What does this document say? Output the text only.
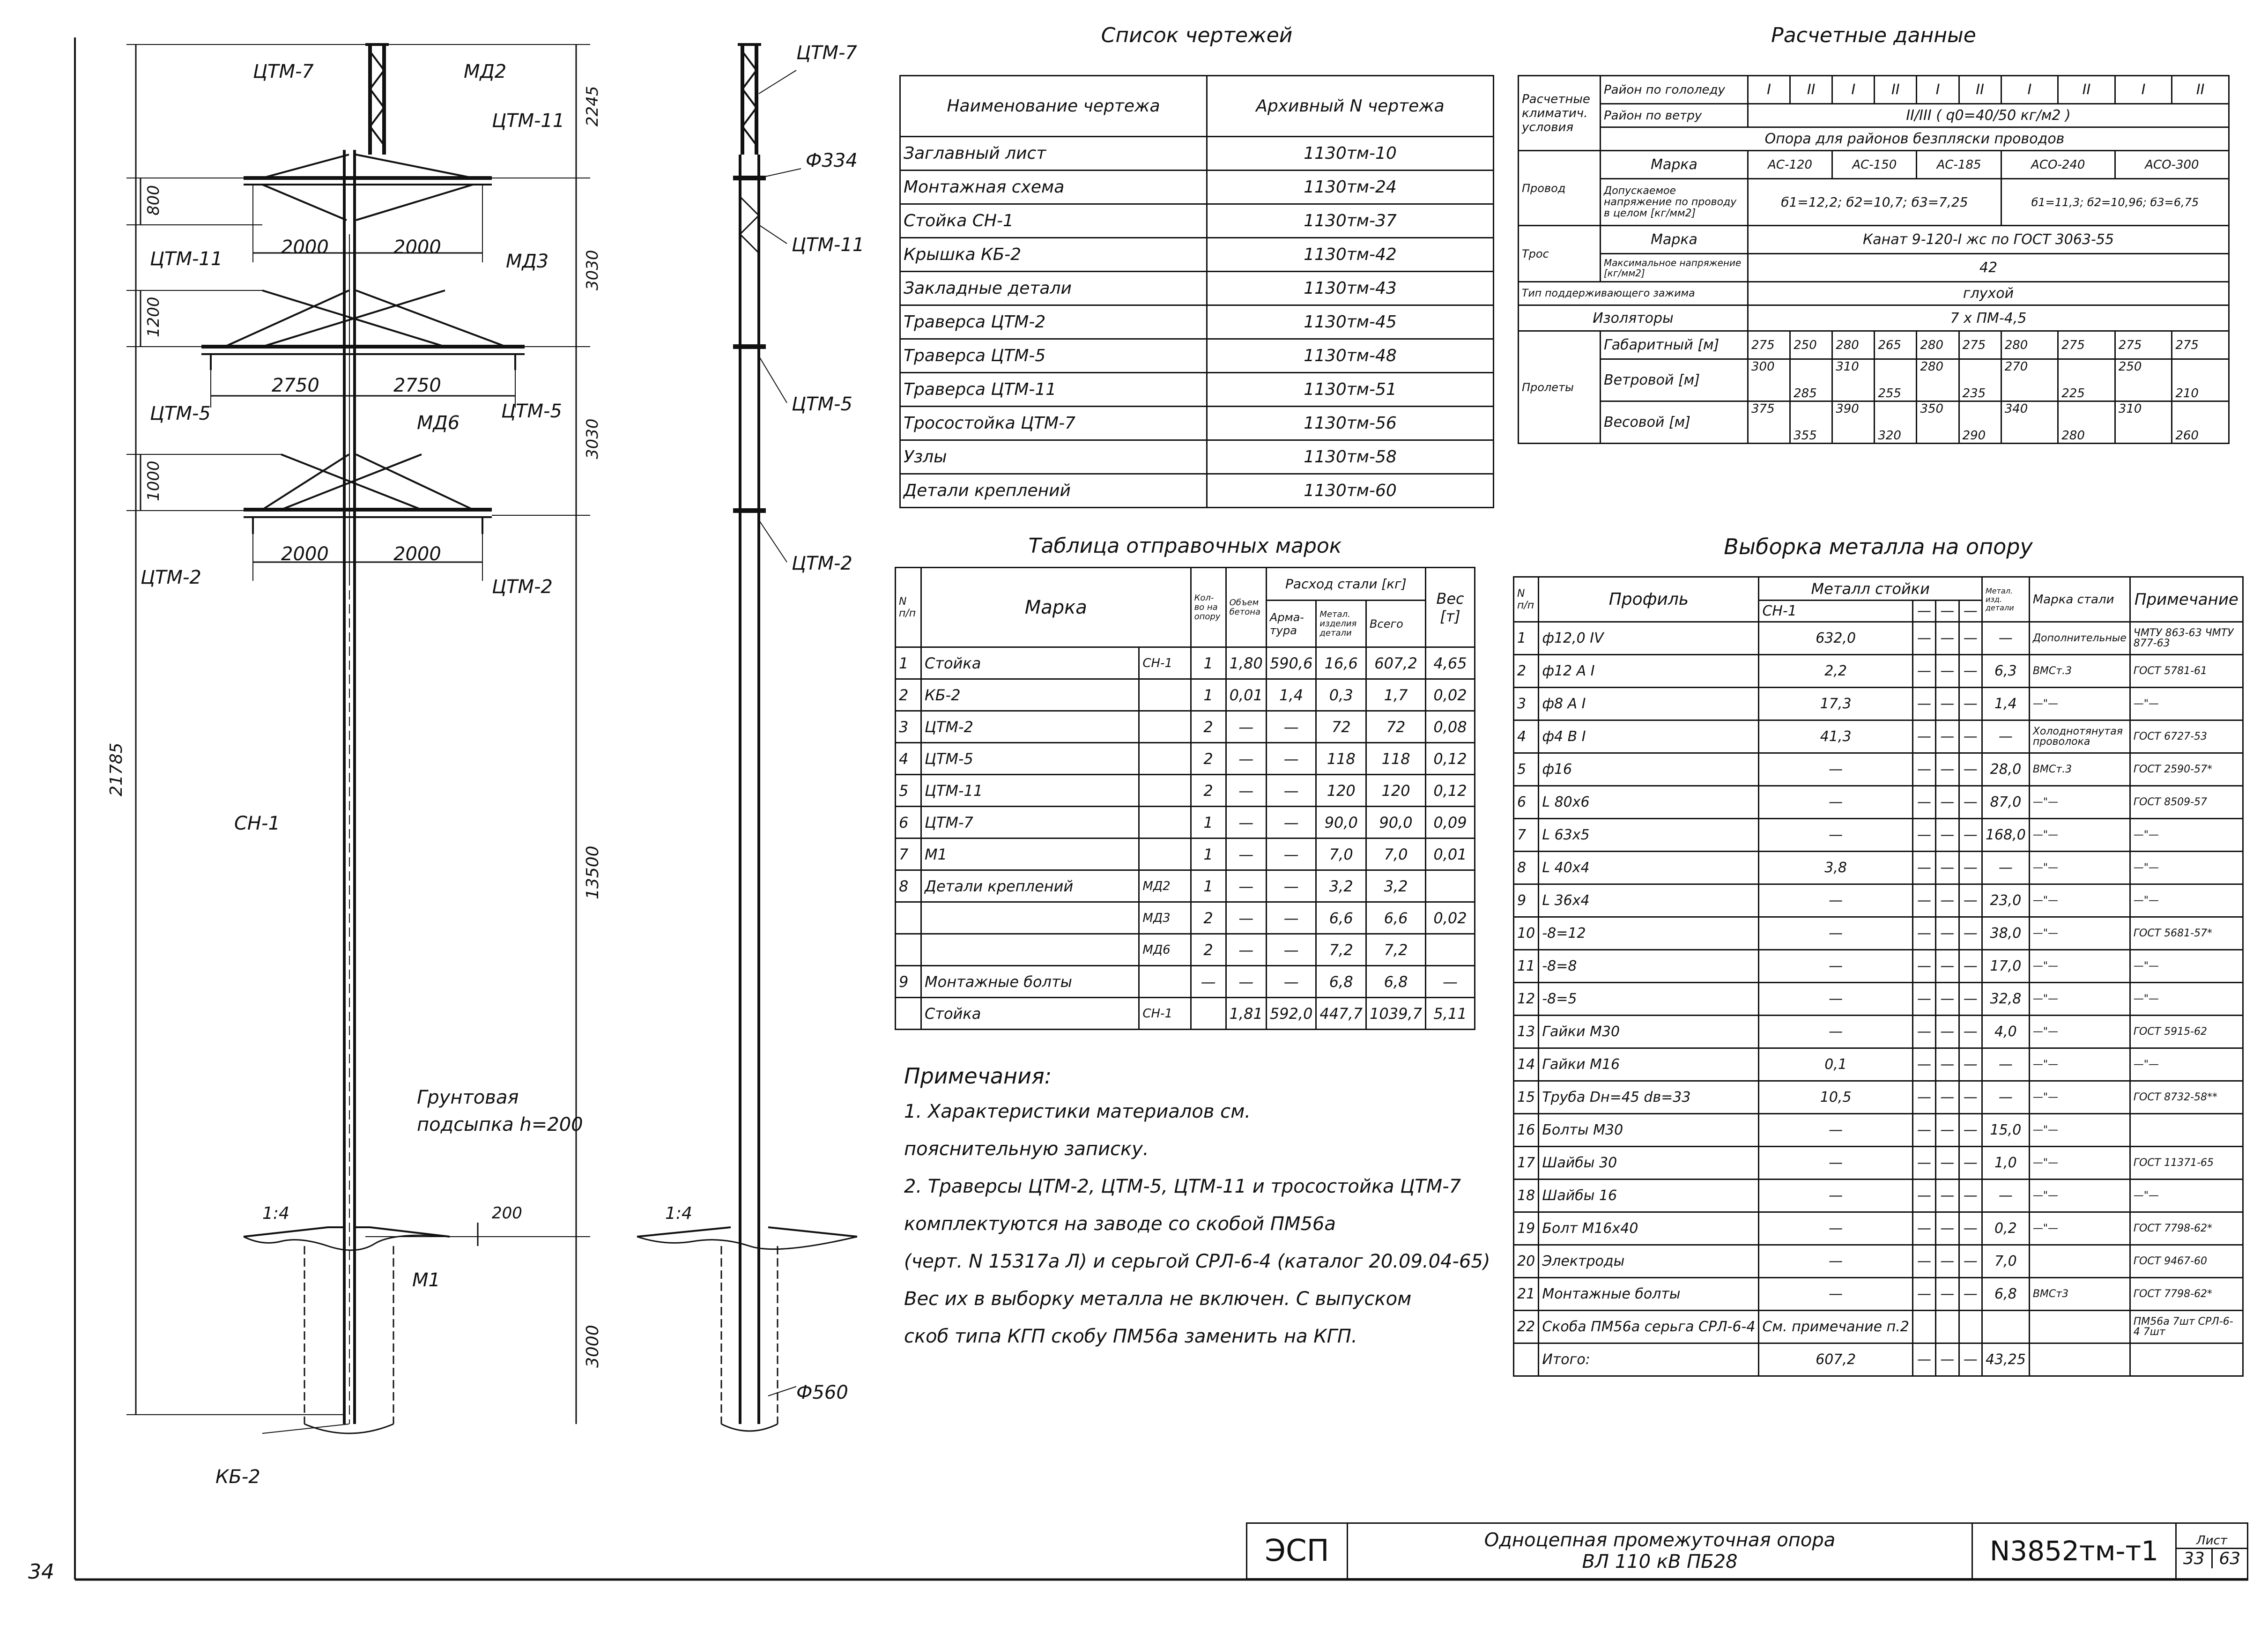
ЦТМ-7	МД2
ЦТМ-11
ЦТМ-11	МД3
ЦТМ-5	ЦТМ-5
МД6
ЦТМ-2	ЦТМ-2
СН-1
М1
КБ-2
2000	2000
2750	2750
2000	2000
2245
3030
3030
800
1200
1000
21785
13500
3000
200
Грунтовая
подсыпка h=200
1:4
ЦТМ-7
Ф334
ЦТМ-11
ЦТМ-5
ЦТМ-2
1:4
Ф560
34
Список чертежей
Наименование чертежа	Архивный N чертежа
Заглавный лист	1130тм-10
Монтажная схема	1130тм-24
Стойка СН-1	1130тм-37
Крышка КБ-2	1130тм-42
Закладные детали	1130тм-43
Траверса ЦТМ-2	1130тм-45
Траверса ЦТМ-5	1130тм-48
Траверса ЦТМ-11	1130тм-51
Тросостойка ЦТМ-7	1130тм-56
Узлы	1130тм-58
Детали креплений	1130тм-60
Расчетные данные
Расчетные климатич. условия	Район по гололеду	I	II	I	II	I	II	I	II	I	II
	Район по ветру	II/III ( q0=40/50 кг/м2 )									
	Опора для районов безпляски проводов										
Провод	Марка	АС-120		АС-150		АС-185		АСО-240		АСО-300	
	Допускаемое напряжение по проводу в целом [кг/мм2]	б1=12,2; б2=10,7; б3=7,25						б1=11,3; б2=10,96; б3=6,75			
Трос	Марка	Канат 9-120-I жс по ГОСТ 3063-55									
	Максимальное напряжение [кг/мм2]	42									
Тип поддерживающего зажима		глухой									
Изоляторы		7 х ПМ-4,5									
Пролеты	Габаритный [м]	275	250	280	265	280	275	280	275	275	275
	Ветровой [м]	300	285	310	255	280	235	270	225	250	210
	Весовой [м]	375	355	390	320	350	290	340	280	310	260
Таблица отправочных марок
N п/п	Марка		Кол-во на опору	Объем бетона	Расход стали [кг]			Вес [т]
					Арма-тура	Метал. изделия детали	Всего	
1	Стойка	СН-1	1	1,80	590,6	16,6	607,2	4,65
2	КБ-2		1	0,01	1,4	0,3	1,7	0,02
3	ЦТМ-2		2	—	—	72	72	0,08
4	ЦТМ-5		2	—	—	118	118	0,12
5	ЦТМ-11		2	—	—	120	120	0,12
6	ЦТМ-7		1	—	—	90,0	90,0	0,09
7	М1		1	—	—	7,0	7,0	0,01
8	Детали креплений	МД2	1	—	—	3,2	3,2	
		МД3	2	—	—	6,6	6,6	0,02
		МД6	2	—	—	7,2	7,2	
9	Монтажные болты		—	—	—	6,8	6,8	—
	Стойка	СН-1		1,81	592,0	447,7	1039,7	5,11
Примечания:
1. Характеристики материалов см.
пояснительную записку.
2. Траверсы ЦТМ-2, ЦТМ-5, ЦТМ-11 и тросостойка ЦТМ-7
комплектуются на заводе со скобой ПМ56а
(черт. N 15317а Л) и серьгой СРЛ-6-4 (каталог 20.09.04-65)
Вес их в выборку металла не включен. С выпуском
скоб типа КГП скобу ПМ56а заменить на КГП.
Выборка металла на опору
N п/п	Профиль	Металл стойки				Метал. изд. детали	Марка стали	Примечание
		СН-1	—	—	—			
1	ф12,0 IV	632,0	—	—	—	—	Дополнительные	ЧМТУ 863-63 ЧМТУ 877-63
2	ф12 А I	2,2	—	—	—	6,3	ВМСт.3	ГОСТ 5781-61
3	ф8 А I	17,3	—	—	—	1,4	—"—	—"—
4	ф4 В I	41,3	—	—	—	—	Холоднотянутая проволока	ГОСТ 6727-53
5	ф16	—	—	—	—	28,0	ВМСт.3	ГОСТ 2590-57*
6	L 80x6	—	—	—	—	87,0	—"—	ГОСТ 8509-57
7	L 63x5	—	—	—	—	168,0	—"—	—"—
8	L 40x4	3,8	—	—	—	—	—"—	—"—
9	L 36x4	—	—	—	—	23,0	—"—	—"—
10	-8=12	—	—	—	—	38,0	—"—	ГОСТ 5681-57*
11	-8=8	—	—	—	—	17,0	—"—	—"—
12	-8=5	—	—	—	—	32,8	—"—	—"—
13	Гайки М30	—	—	—	—	4,0	—"—	ГОСТ 5915-62
14	Гайки М16	0,1	—	—	—	—	—"—	—"—
15	Труба Dн=45 dв=33	10,5	—	—	—	—	—"—	ГОСТ 8732-58**
16	Болты М30	—	—	—	—	15,0	—"—	
17	Шайбы 30	—	—	—	—	1,0	—"—	ГОСТ 11371-65
18	Шайбы 16	—	—	—	—	—	—"—	—"—
19	Болт М16x40	—	—	—	—	0,2	—"—	ГОСТ 7798-62*
20	Электроды	—	—	—	—	7,0		ГОСТ 9467-60
21	Монтажные болты	—	—	—	—	6,8	ВМСт3	ГОСТ 7798-62*
22	Скоба ПМ56а серьга СРЛ-6-4	См. примечание п.2						ПМ56а 7шт СРЛ-6-4 7шт
	Итого:	607,2	—	—	—	43,25		
ЭСП	Одноцепная промежуточная опора
ВЛ 110 кВ ПБ28	N3852тм-т1	Лист
33 63
